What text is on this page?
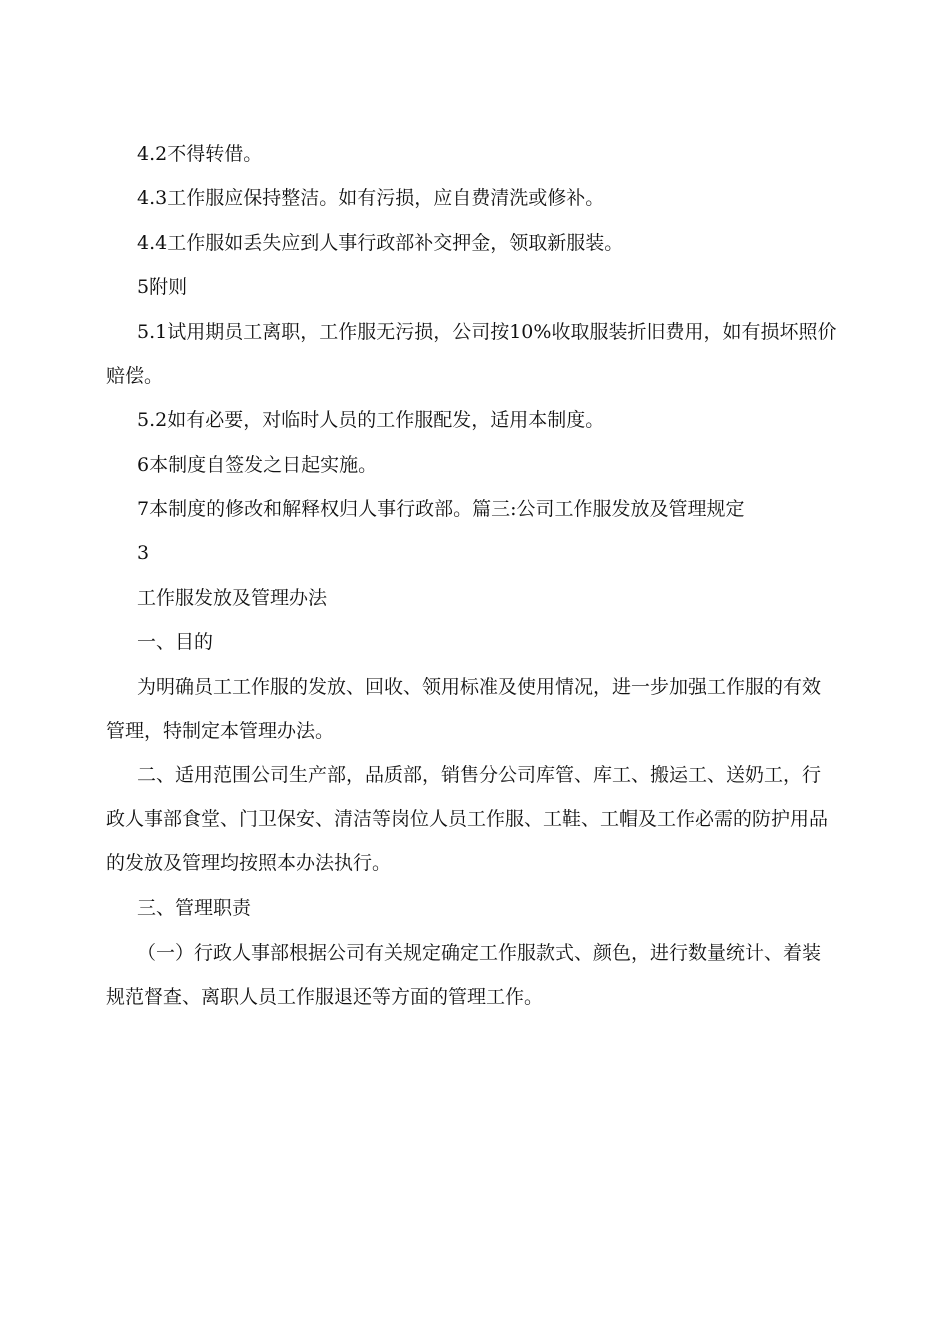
4.2不得转借。

4.3工作服应保持整洁。如有污损，应自费清洗或修补。

4.4工作服如丢失应到人事行政部补交押金，领取新服装。

5附则

5.1试用期员工离职，工作服无污损，公司按10%收取服装折旧费用，如有损坏照价赔偿。

5.2如有必要，对临时人员的工作服配发，适用本制度。

6本制度自签发之日起实施。

7本制度的修改和解释权归人事行政部。篇三:公司工作服发放及管理规定

3

工作服发放及管理办法

一、目的

为明确员工工作服的发放、回收、领用标准及使用情况，进一步加强工作服的有效管理，特制定本管理办法。

二、适用范围公司生产部，品质部，销售分公司库管、库工、搬运工、送奶工，行政人事部食堂、门卫保安、清洁等岗位人员工作服、工鞋、工帽及工作必需的防护用品的发放及管理均按照本办法执行。

三、管理职责

（一）行政人事部根据公司有关规定确定工作服款式、颜色，进行数量统计、着装规范督查、离职人员工作服退还等方面的管理工作。
